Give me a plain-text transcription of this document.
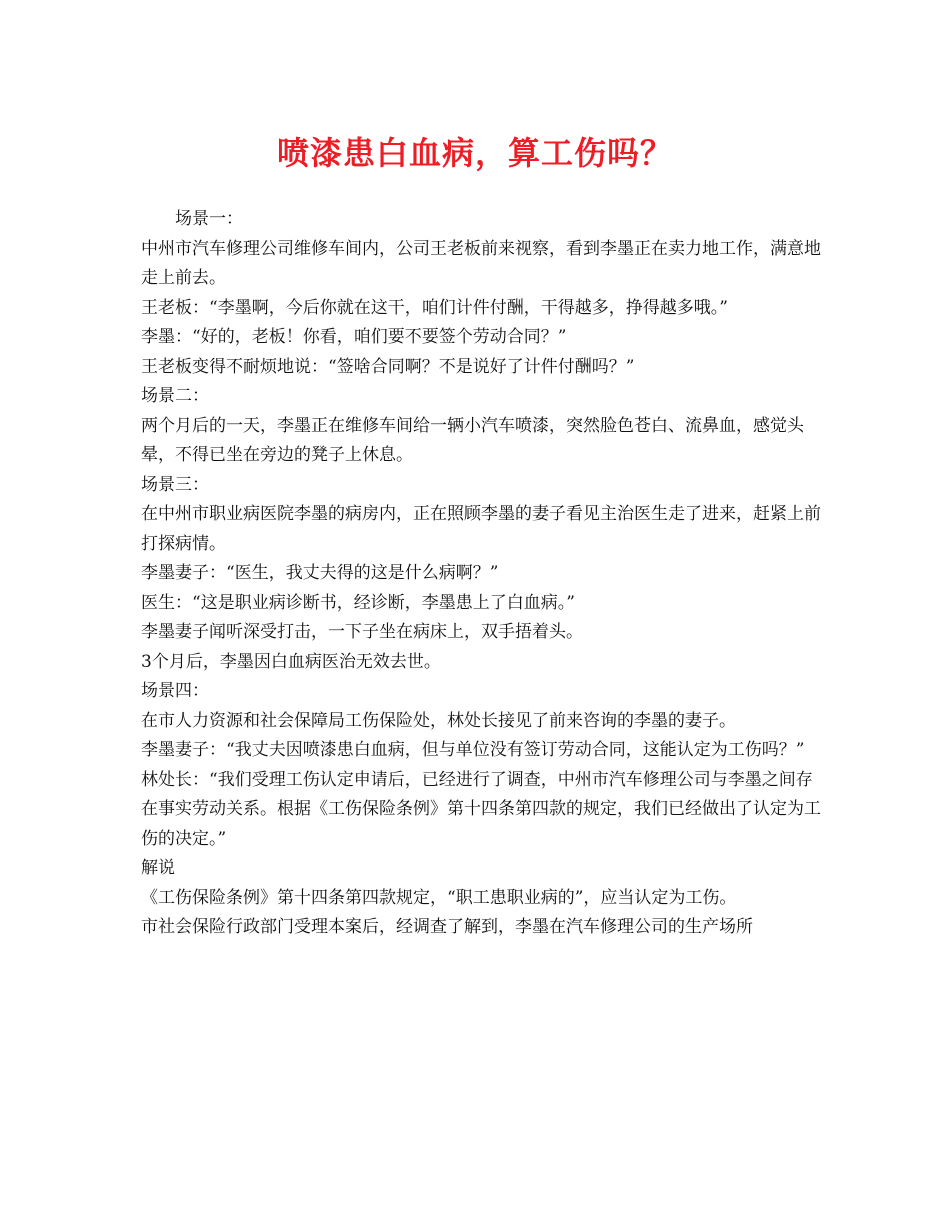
喷漆患白血病，算工伤吗？

场景一：

中州市汽车修理公司维修车间内，公司王老板前来视察，看到李墨正在卖力地工作，满意地走上前去。

王老板：“李墨啊，今后你就在这干，咱们计件付酬，干得越多，挣得越多哦。”

李墨：“好的，老板！你看，咱们要不要签个劳动合同？”

王老板变得不耐烦地说：“签啥合同啊？不是说好了计件付酬吗？”

场景二：

两个月后的一天，李墨正在维修车间给一辆小汽车喷漆，突然脸色苍白、流鼻血，感觉头晕，不得已坐在旁边的凳子上休息。

场景三：

在中州市职业病医院李墨的病房内，正在照顾李墨的妻子看见主治医生走了进来，赶紧上前打探病情。

李墨妻子：“医生，我丈夫得的这是什么病啊？”

医生：“这是职业病诊断书，经诊断，李墨患上了白血病。”

李墨妻子闻听深受打击，一下子坐在病床上，双手捂着头。

3个月后，李墨因白血病医治无效去世。

场景四：

在市人力资源和社会保障局工伤保险处，林处长接见了前来咨询的李墨的妻子。

李墨妻子：“我丈夫因喷漆患白血病，但与单位没有签订劳动合同，这能认定为工伤吗？”

林处长：“我们受理工伤认定申请后，已经进行了调查，中州市汽车修理公司与李墨之间存在事实劳动关系。根据《工伤保险条例》第十四条第四款的规定，我们已经做出了认定为工伤的决定。”

解说

《工伤保险条例》第十四条第四款规定，“职工患职业病的”，应当认定为工伤。

市社会保险行政部门受理本案后，经调查了解到，李墨在汽车修理公司的生产场所
